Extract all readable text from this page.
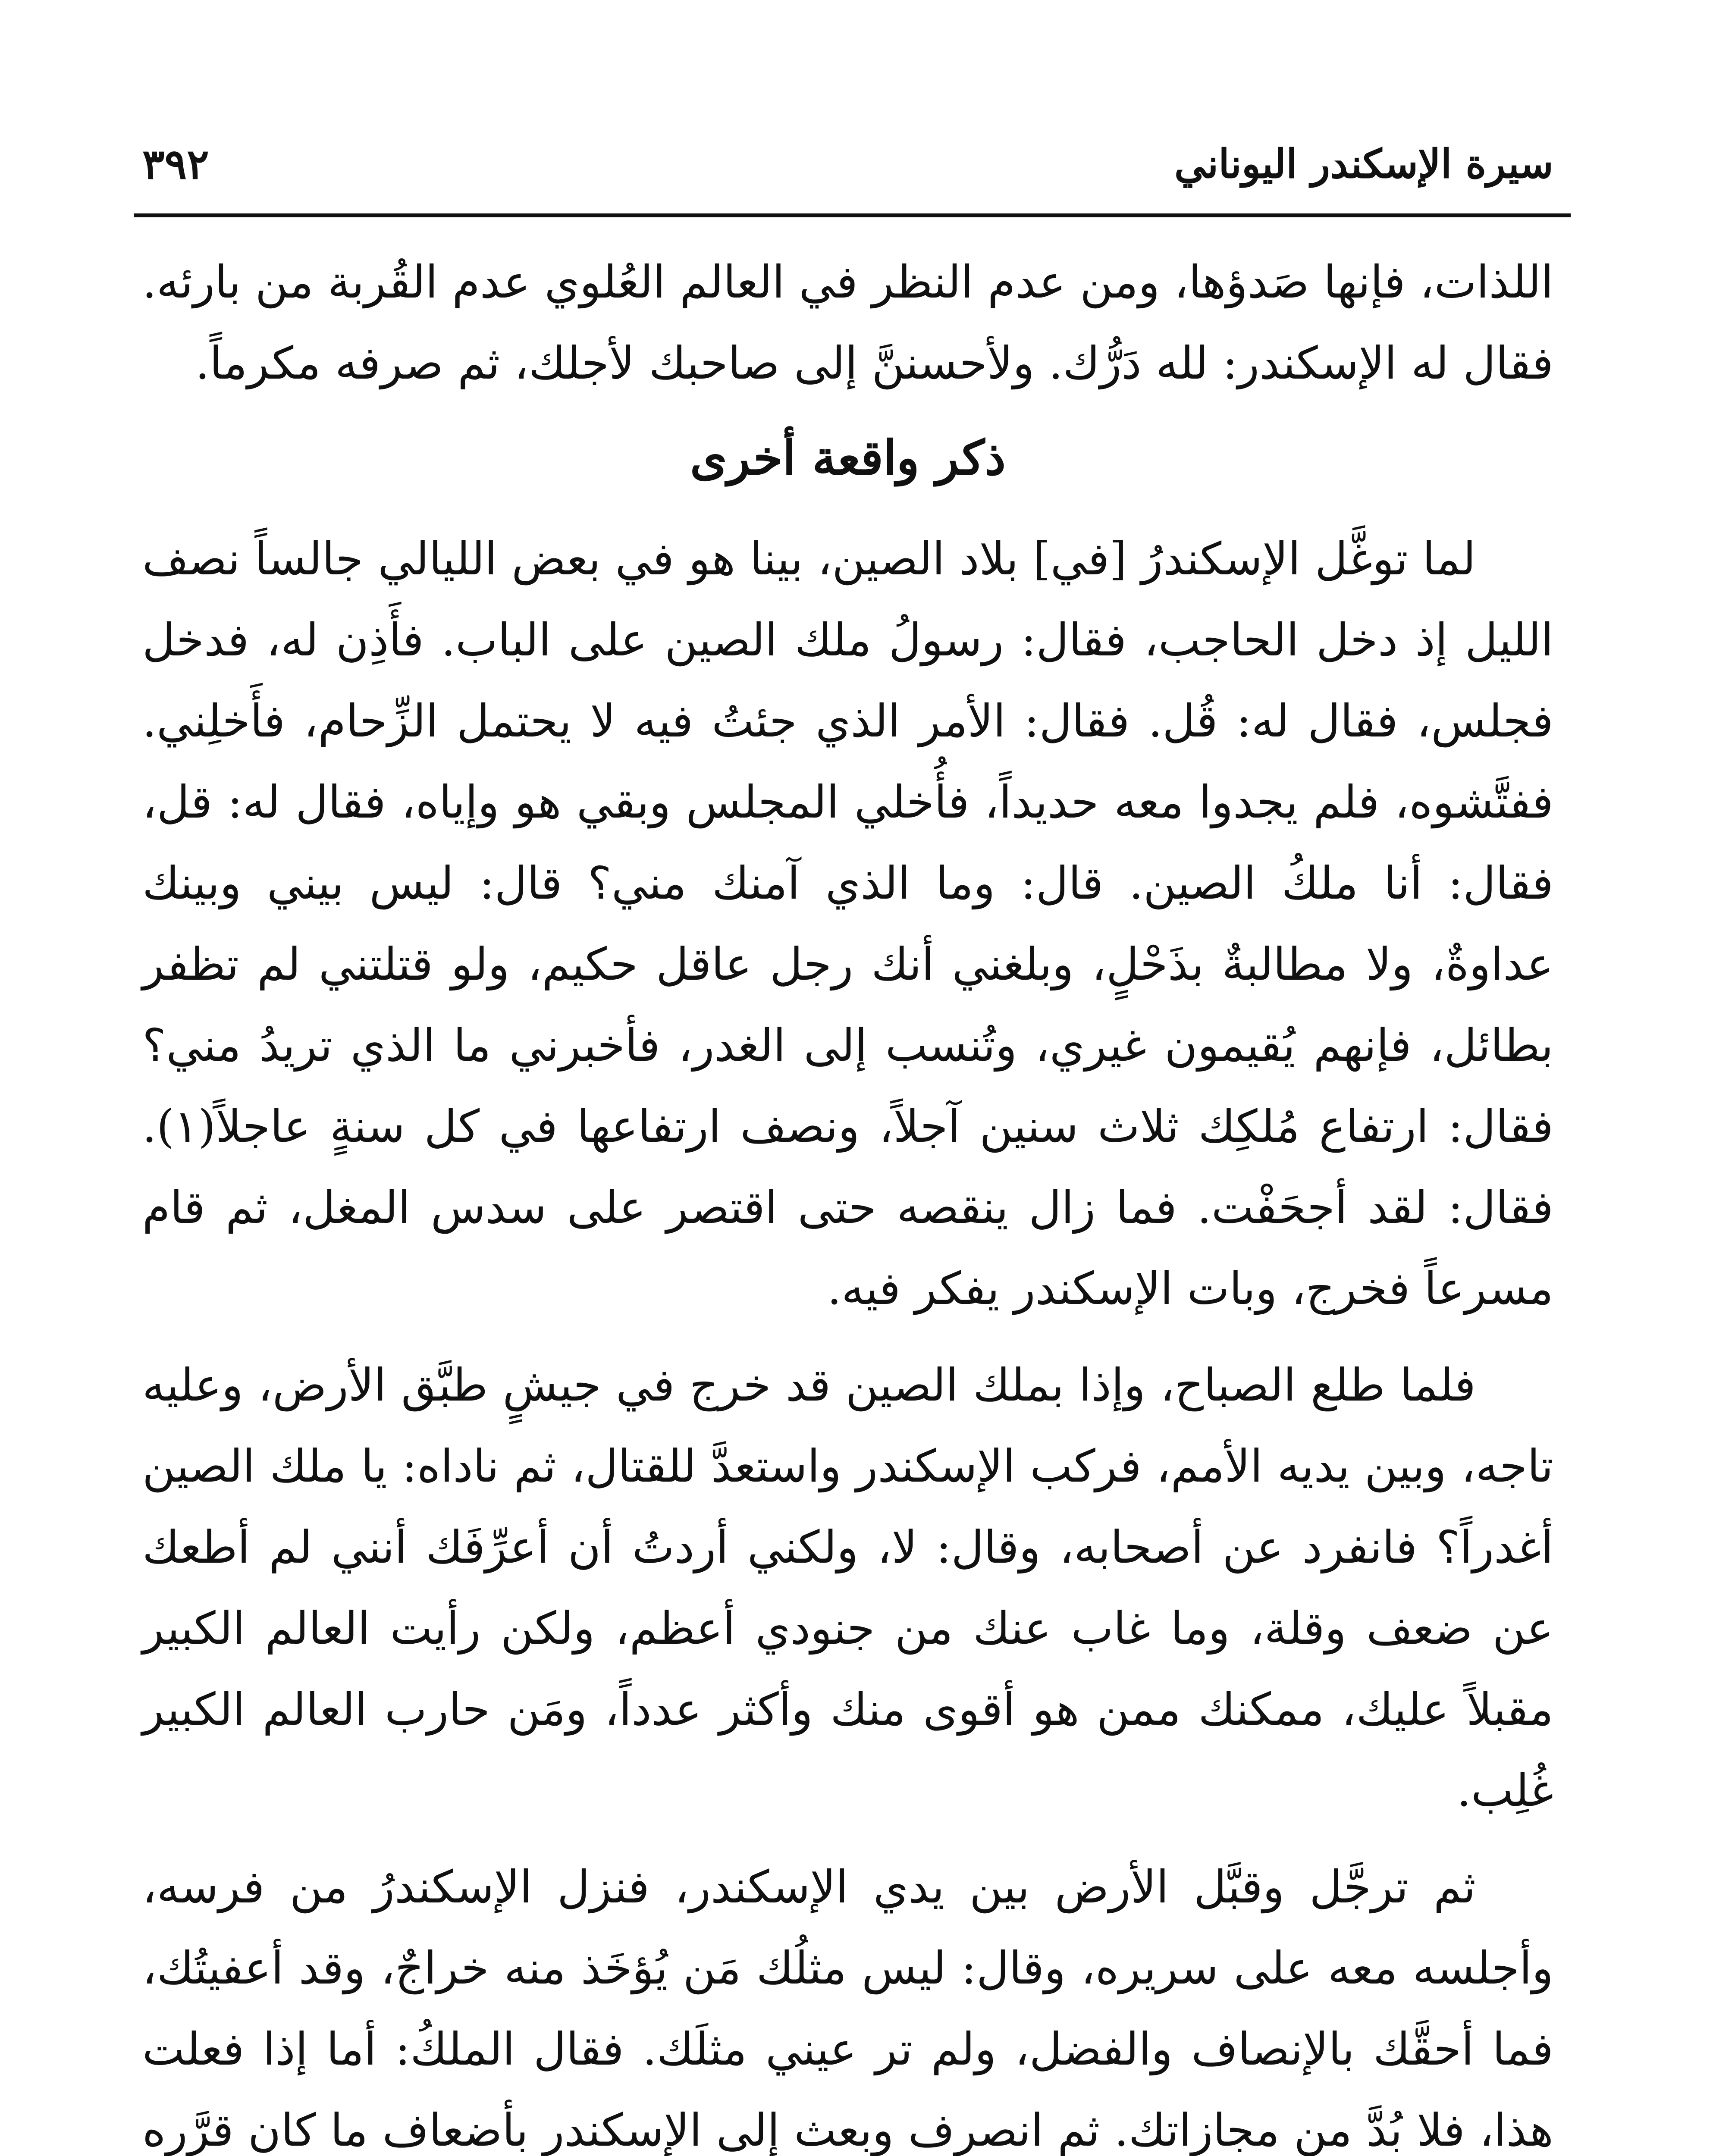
سيرة الإسكندر اليوناني
٣٩٢

اللذات، فإنها صَدؤها، ومن عدم النظر في العالم العُلوي عدم القُربة من بارئه. فقال له الإسكندر: لله دَرُّك. ولأحسننَّ إلى صاحبك لأجلك، ثم صرفه مكرماً.

ذكر واقعة أخرى

لما توغَّل الإسكندرُ [في] بلاد الصين، بينا هو في بعض الليالي جالساً نصف الليل إذ دخل الحاجب، فقال: رسولُ ملك الصين على الباب. فأَذِن له، فدخل فجلس، فقال له: قُل. فقال: الأمر الذي جئتُ فيه لا يحتمل الزِّحام، فأَخلِني. ففتَّشوه، فلم يجدوا معه حديداً، فأُخلي المجلس وبقي هو وإياه، فقال له: قل، فقال: أنا ملكُ الصين. قال: وما الذي آمنك مني؟ قال: ليس بيني وبينك عداوةٌ، ولا مطالبةٌ بذَحْلٍ، وبلغني أنك رجل عاقل حكيم، ولو قتلتني لم تظفر بطائل، فإنهم يُقيمون غيري، وتُنسب إلى الغدر، فأخبرني ما الذي تريدُ مني؟ فقال: ارتفاع مُلكِك ثلاث سنين آجلاً، ونصف ارتفاعها في كل سنةٍ عاجلاً(١). فقال: لقد أجحَفْت. فما زال ينقصه حتى اقتصر على سدس المغل، ثم قام مسرعاً فخرج، وبات الإسكندر يفكر فيه.

فلما طلع الصباح، وإذا بملك الصين قد خرج في جيشٍ طبَّق الأرض، وعليه تاجه، وبين يديه الأمم، فركب الإسكندر واستعدَّ للقتال، ثم ناداه: يا ملك الصين أغدراً؟ فانفرد عن أصحابه، وقال: لا، ولكني أردتُ أن أعرِّفَك أنني لم أطعك عن ضعف وقلة، وما غاب عنك من جنودي أعظم، ولكن رأيت العالم الكبير مقبلاً عليك، ممكنك ممن هو أقوى منك وأكثر عدداً، ومَن حارب العالم الكبير غُلِب.

ثم ترجَّل وقبَّل الأرض بين يدي الإسكندر، فنزل الإسكندرُ من فرسه، وأجلسه معه على سريره، وقال: ليس مثلُك مَن يُؤخَذ منه خراجٌ، وقد أعفيتُك، فما أحقَّك بالإنصاف والفضل، ولم تر عيني مثلَك. فقال الملكُ: أما إذا فعلت هذا، فلا بُدَّ من مجازاتك. ثم انصرف وبعث إلى الإسكندر بأضعاف ما كان قرَّره
